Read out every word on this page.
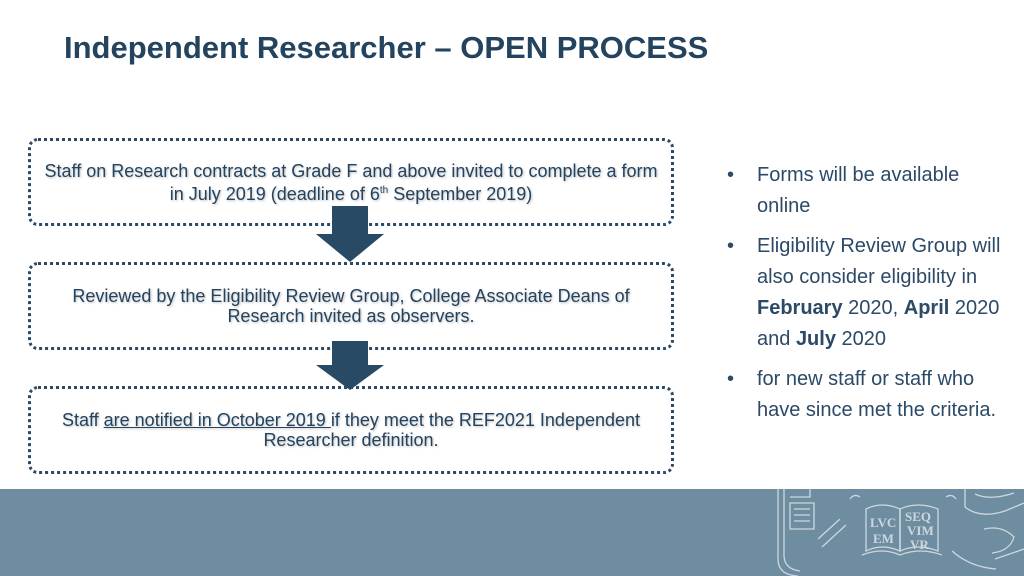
Independent Researcher – OPEN PROCESS
Staff on Research contracts at Grade F and above invited to complete a form in July 2019 (deadline of 6th September 2019)
Reviewed by the Eligibility Review Group, College Associate Deans of Research invited as observers.
Staff are notified in October 2019 if they meet the REF2021 Independent Researcher definition.
• Forms will be available online
• Eligibility Review Group will also consider eligibility in February 2020, April 2020 and July 2020
• for new staff or staff who have since met the criteria.
LVC
EM
SEQ
VIM
VR
